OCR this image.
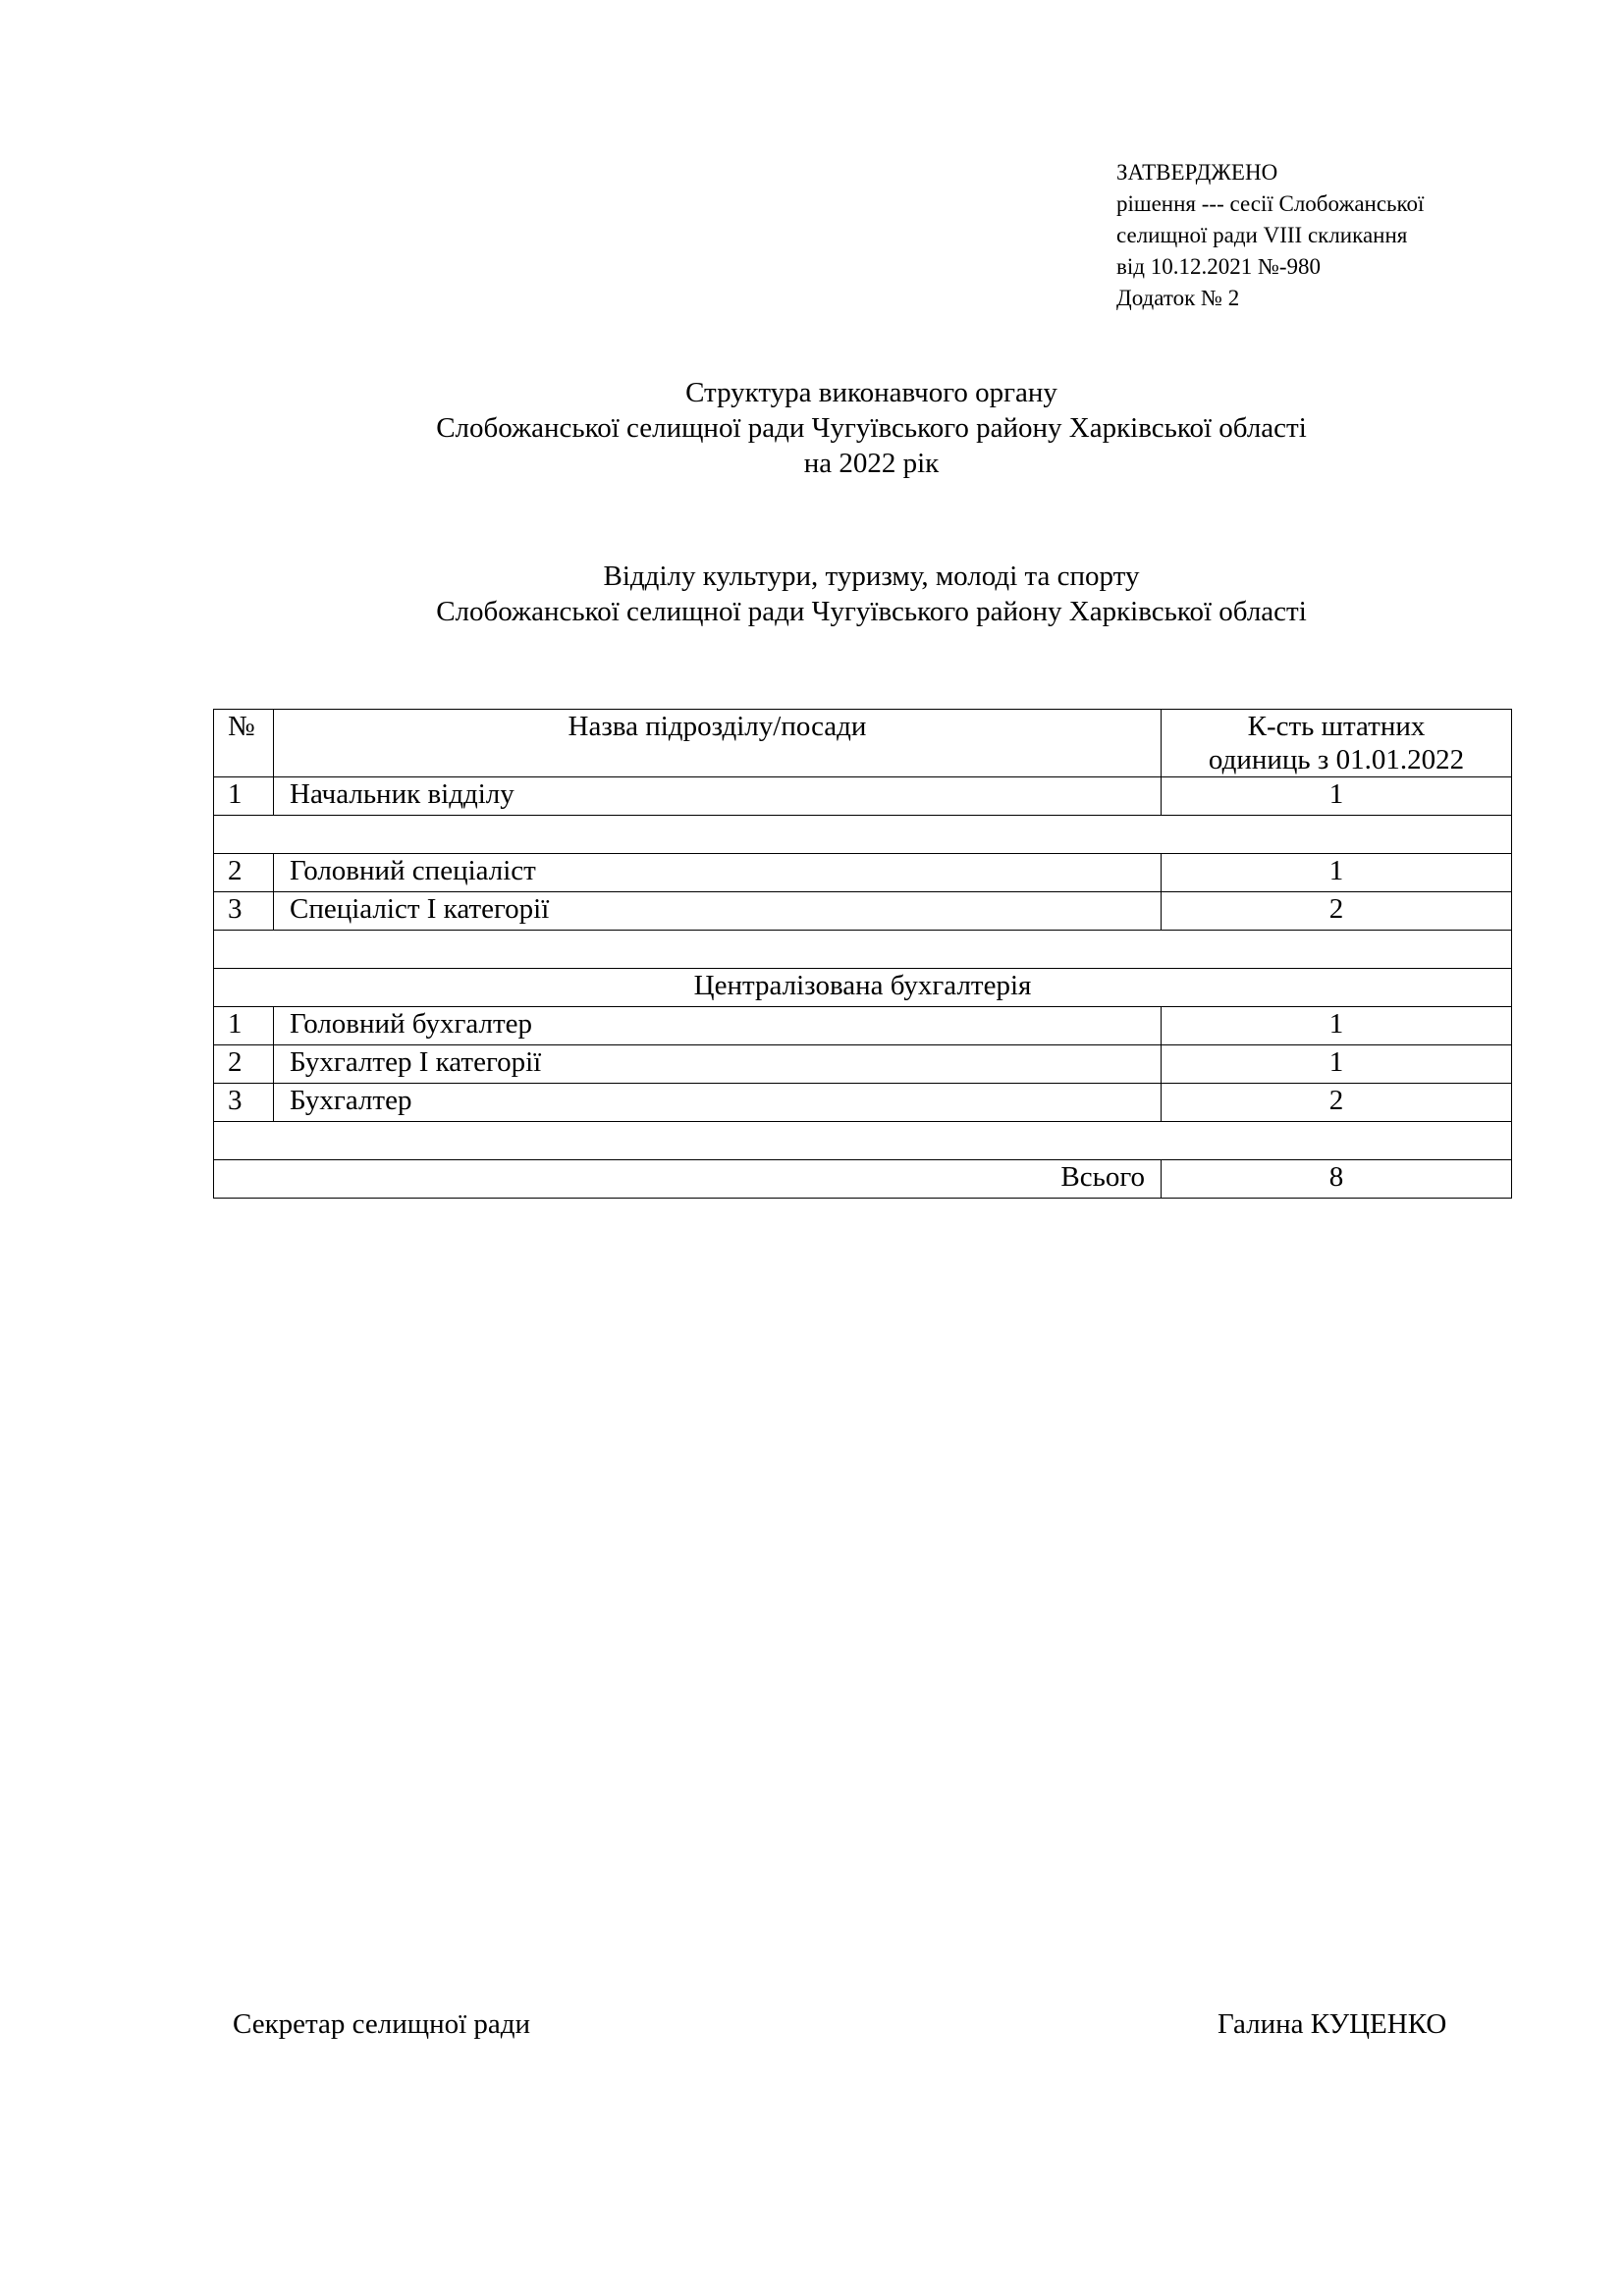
ЗАТВЕРДЖЕНО
рішення --- сесії Слобожанської
селищної ради VIII скликання
від 10.12.2021 №-980
Додаток № 2
Структура виконавчого органу
Слобожанської селищної ради Чугуївського району Харківської області
на 2022 рік
Відділу культури, туризму, молоді та спорту
Слобожанської селищної ради Чугуївського району Харківської області
№	Назва підрозділу/посади	К-сть штатних
одиниць з 01.01.2022

1	Начальник відділу	1

2	Головний спеціаліст	1
3	Спеціаліст І категорії	2

Централізована бухгалтерія		
1	Головний бухгалтер	1
2	Бухгалтер І категорії	1
3	Бухгалтер	2

Всього		8
Секретар селищної ради	Галина КУЦЕНКО
